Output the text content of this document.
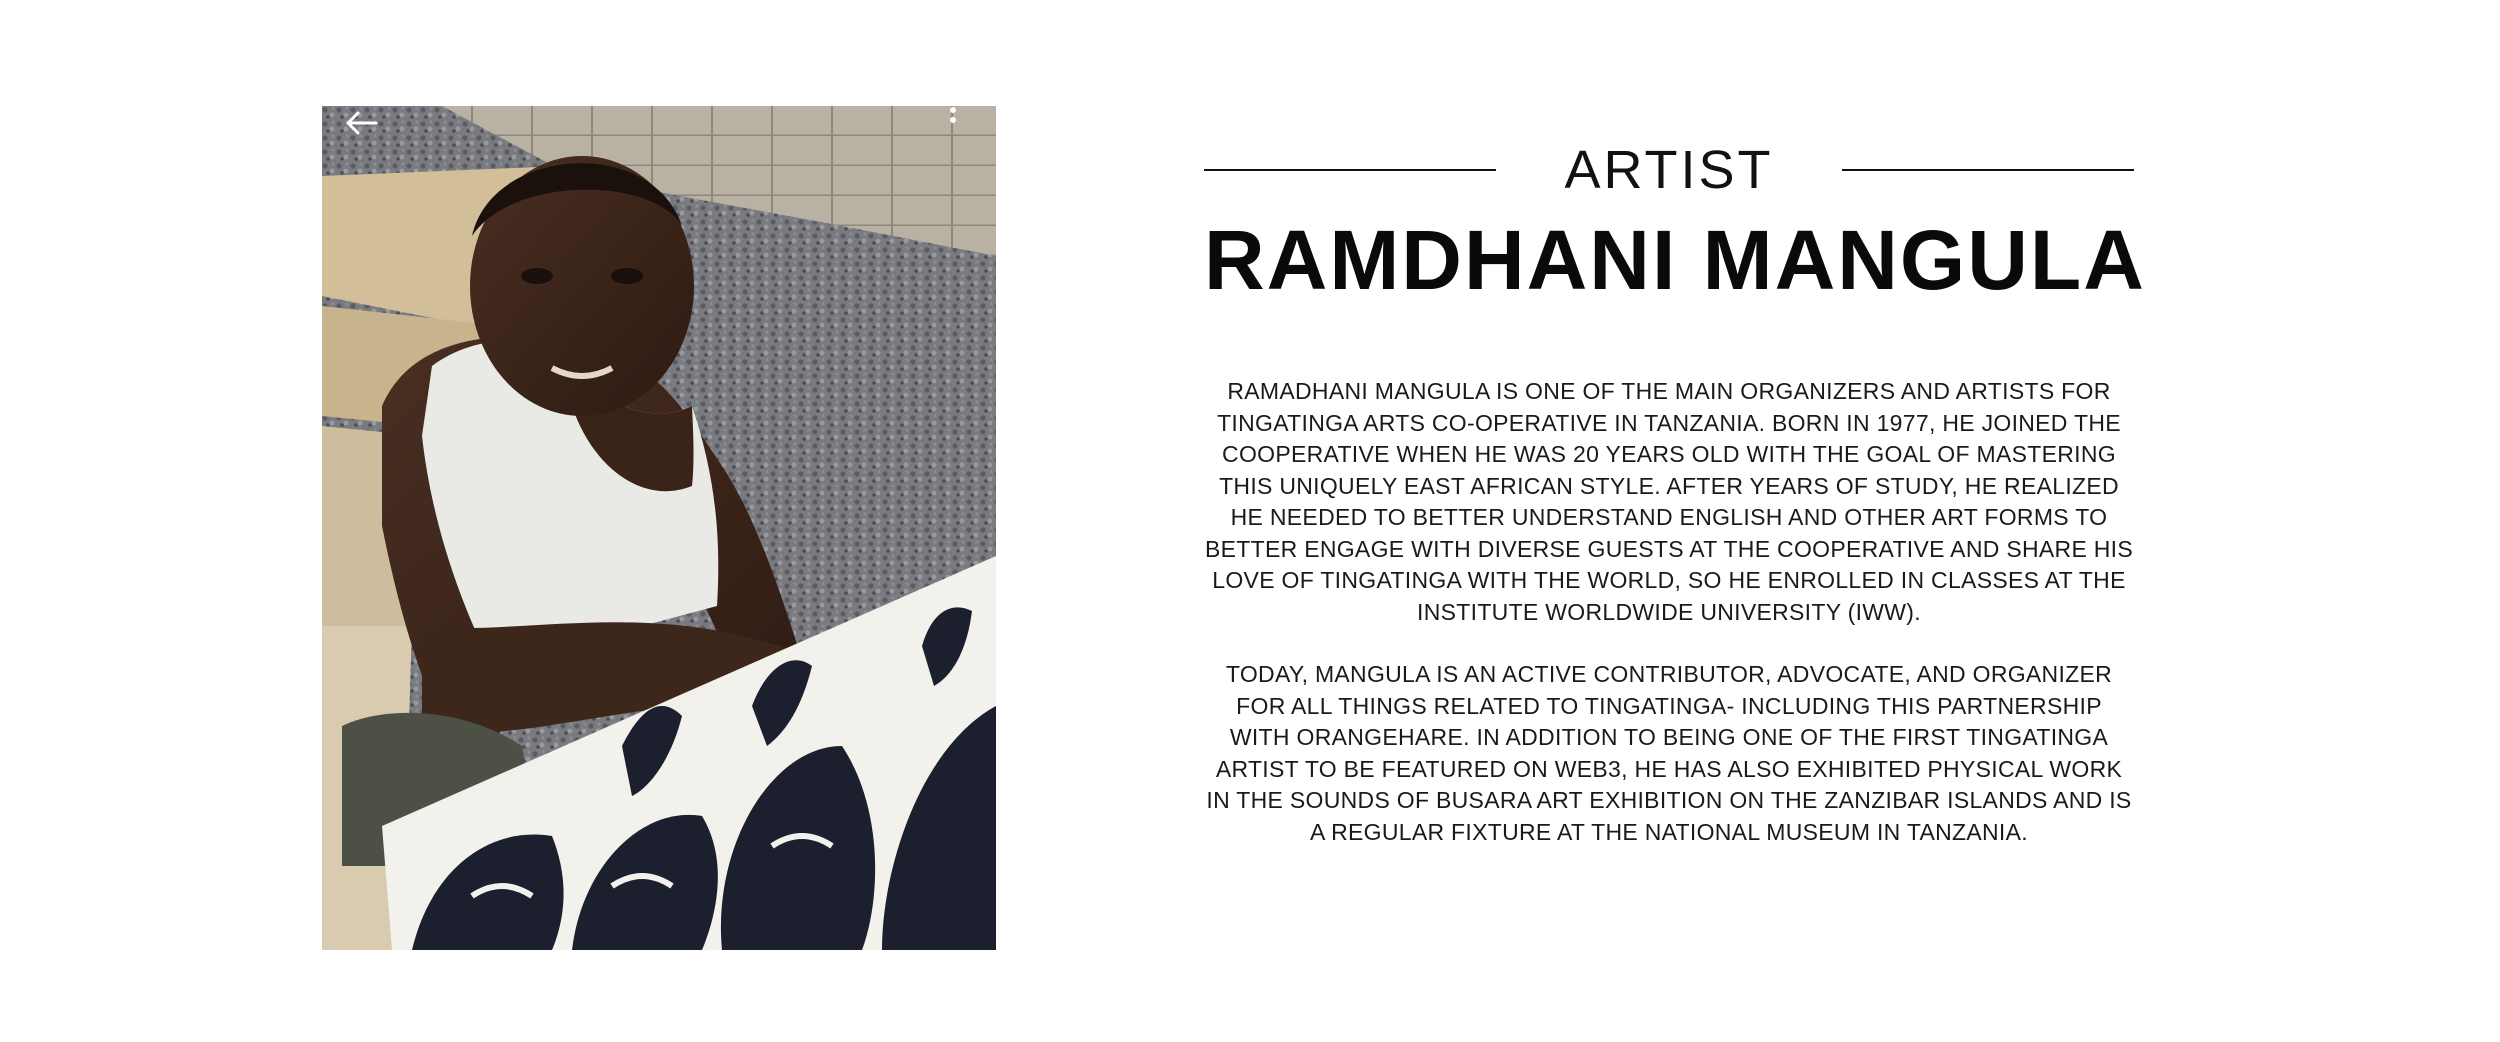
ARTIST
RAMDHANI MANGULA

RAMADHANI MANGULA IS ONE OF THE MAIN ORGANIZERS AND ARTISTS FOR TINGATINGA ARTS CO-OPERATIVE IN TANZANIA. BORN IN 1977, HE JOINED THE COOPERATIVE WHEN HE WAS 20 YEARS OLD WITH THE GOAL OF MASTERING THIS UNIQUELY EAST AFRICAN STYLE. AFTER YEARS OF STUDY, HE REALIZED HE NEEDED TO BETTER UNDERSTAND ENGLISH AND OTHER ART FORMS TO BETTER ENGAGE WITH DIVERSE GUESTS AT THE COOPERATIVE AND SHARE HIS LOVE OF TINGATINGA WITH THE WORLD, SO HE ENROLLED IN CLASSES AT THE INSTITUTE WORLDWIDE UNIVERSITY (IWW).

TODAY, MANGULA IS AN ACTIVE CONTRIBUTOR, ADVOCATE, AND ORGANIZER FOR ALL THINGS RELATED TO TINGATINGA- INCLUDING THIS PARTNERSHIP WITH ORANGEHARE. IN ADDITION TO BEING ONE OF THE FIRST TINGATINGA ARTIST TO BE FEATURED ON WEB3, HE HAS ALSO EXHIBITED PHYSICAL WORK IN THE SOUNDS OF BUSARA ART EXHIBITION ON THE ZANZIBAR ISLANDS AND IS A REGULAR FIXTURE AT THE NATIONAL MUSEUM IN TANZANIA.
